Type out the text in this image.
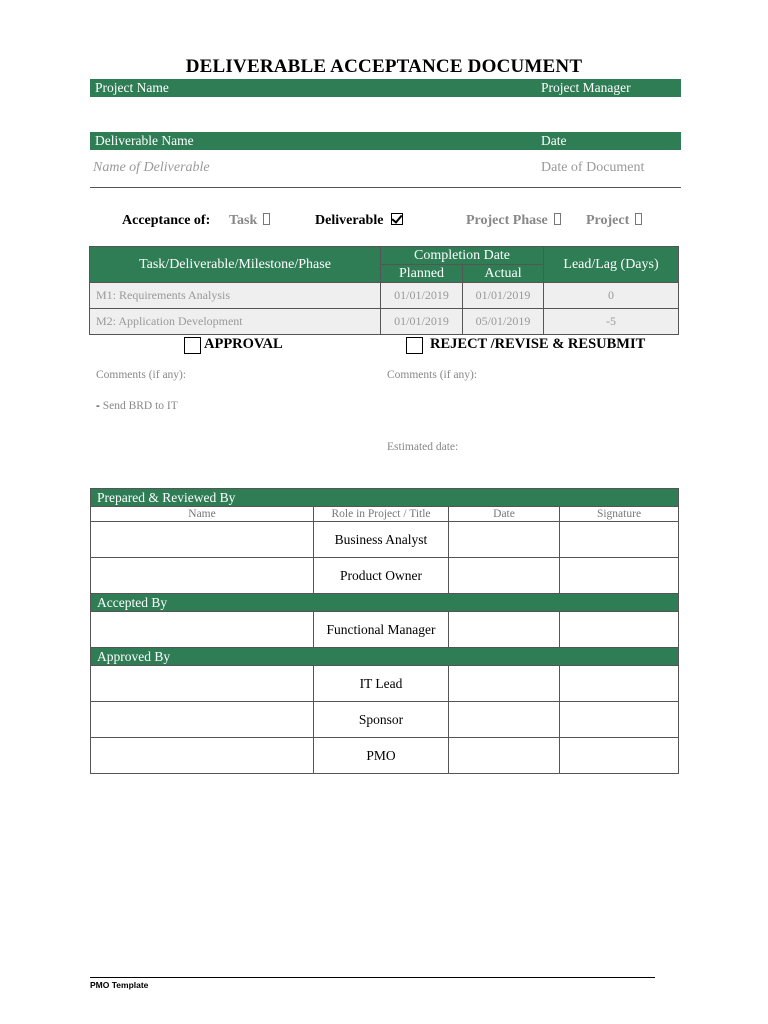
DELIVERABLE ACCEPTANCE DOCUMENT
Project Name	Project Manager
Deliverable Name	Date
Name of Deliverable	Date of Document
Acceptance of: Task	Deliverable	Project Phase	Project
Task/Deliverable/Milestone/Phase	Completion Date		Lead/Lag (Days)
	Planned	Actual	
M1: Requirements Analysis	01/01/2019	01/01/2019	0
M2: Application Development	01/01/2019	05/01/2019	-5
APPROVAL	REJECT /REVISE & RESUBMIT
Comments (if any):	Comments (if any):
- Send BRD to IT
Estimated date:
Prepared & Reviewed By			
Name	Role in Project / Title	Date	Signature
	Business Analyst		
	Product Owner		
Accepted By			
	Functional Manager		
Approved By			
	IT Lead		
	Sponsor		
	PMO		
PMO Template
